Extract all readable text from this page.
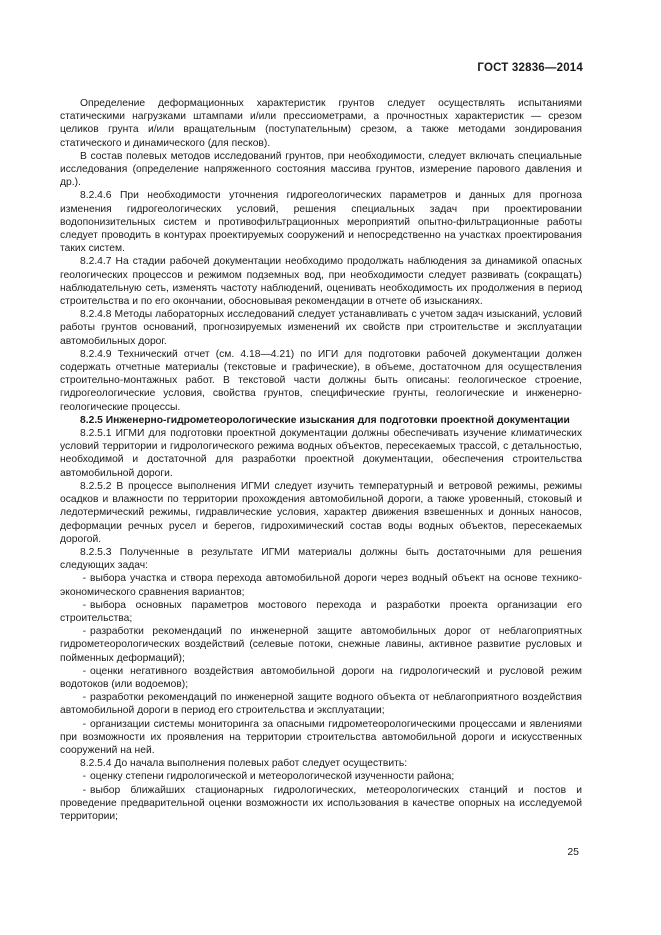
ГОСТ 32836—2014

Определение деформационных характеристик грунтов следует осуществлять испытаниями статическими нагрузками штампами и/или прессиометрами, а прочностных характеристик — срезом целиков грунта и/или вращательным (поступательным) срезом, а также методами зондирования статического и динамического (для песков).

В состав полевых методов исследований грунтов, при необходимости, следует включать специальные исследования (определение напряженного состояния массива грунтов, измерение парового давления и др.).

8.2.4.6 При необходимости уточнения гидрогеологических параметров и данных для прогноза изменения гидрогеологических условий, решения специальных задач при проектировании водопонизительных систем и противофильтрационных мероприятий опытно-фильтрационные работы следует проводить в контурах проектируемых сооружений и непосредственно на участках проектирования таких систем.

8.2.4.7 На стадии рабочей документации необходимо продолжать наблюдения за динамикой опасных геологических процессов и режимом подземных вод, при необходимости следует развивать (сокращать) наблюдательную сеть, изменять частоту наблюдений, оценивать необходимость их продолжения в период строительства и по его окончании, обосновывая рекомендации в отчете об изысканиях.

8.2.4.8 Методы лабораторных исследований следует устанавливать с учетом задач изысканий, условий работы грунтов оснований, прогнозируемых изменений их свойств при строительстве и эксплуатации автомобильных дорог.

8.2.4.9 Технический отчет (см. 4.18—4.21) по ИГИ для подготовки рабочей документации должен содержать отчетные материалы (текстовые и графические), в объеме, достаточном для осуществления строительно-монтажных работ. В текстовой части должны быть описаны: геологическое строение, гидрогеологические условия, свойства грунтов, специфические грунты, геологические и инженерно-геологические процессы.

8.2.5 Инженерно-гидрометеорологические изыскания для подготовки проектной документации

8.2.5.1 ИГМИ для подготовки проектной документации должны обеспечивать изучение климатических условий территории и гидрологического режима водных объектов, пересекаемых трассой, с детальностью, необходимой и достаточной для разработки проектной документации, обеспечения строительства автомобильной дороги.

8.2.5.2 В процессе выполнения ИГМИ следует изучить температурный и ветровой режимы, режимы осадков и влажности по территории прохождения автомобильной дороги, а также уровенный, стоковый и ледотермический режимы, гидравлические условия, характер движения взвешенных и донных наносов, деформации речных русел и берегов, гидрохимический состав воды водных объектов, пересекаемых дорогой.

8.2.5.3 Полученные в результате ИГМИ материалы должны быть достаточными для решения следующих задач:

- выбора участка и створа перехода автомобильной дороги через водный объект на основе технико-экономического сравнения вариантов;

- выбора основных параметров мостового перехода и разработки проекта организации его строительства;

- разработки рекомендаций по инженерной защите автомобильных дорог от неблагоприятных гидрометеорологических воздействий (селевые потоки, снежные лавины, активное развитие русловых и пойменных деформаций);

- оценки негативного воздействия автомобильной дороги на гидрологический и русловой режим водотоков (или водоемов);

- разработки рекомендаций по инженерной защите водного объекта от неблагоприятного воздействия автомобильной дороги в период его строительства и эксплуатации;

- организации системы мониторинга за опасными гидрометеорологическими процессами и явлениями при возможности их проявления на территории строительства автомобильной дороги и искусственных сооружений на ней.

8.2.5.4 До начала выполнения полевых работ следует осуществить:

- оценку степени гидрологической и метеорологической изученности района;

- выбор ближайших стационарных гидрологических, метеорологических станций и постов и проведение предварительной оценки возможности их использования в качестве опорных на исследуемой территории;

25
